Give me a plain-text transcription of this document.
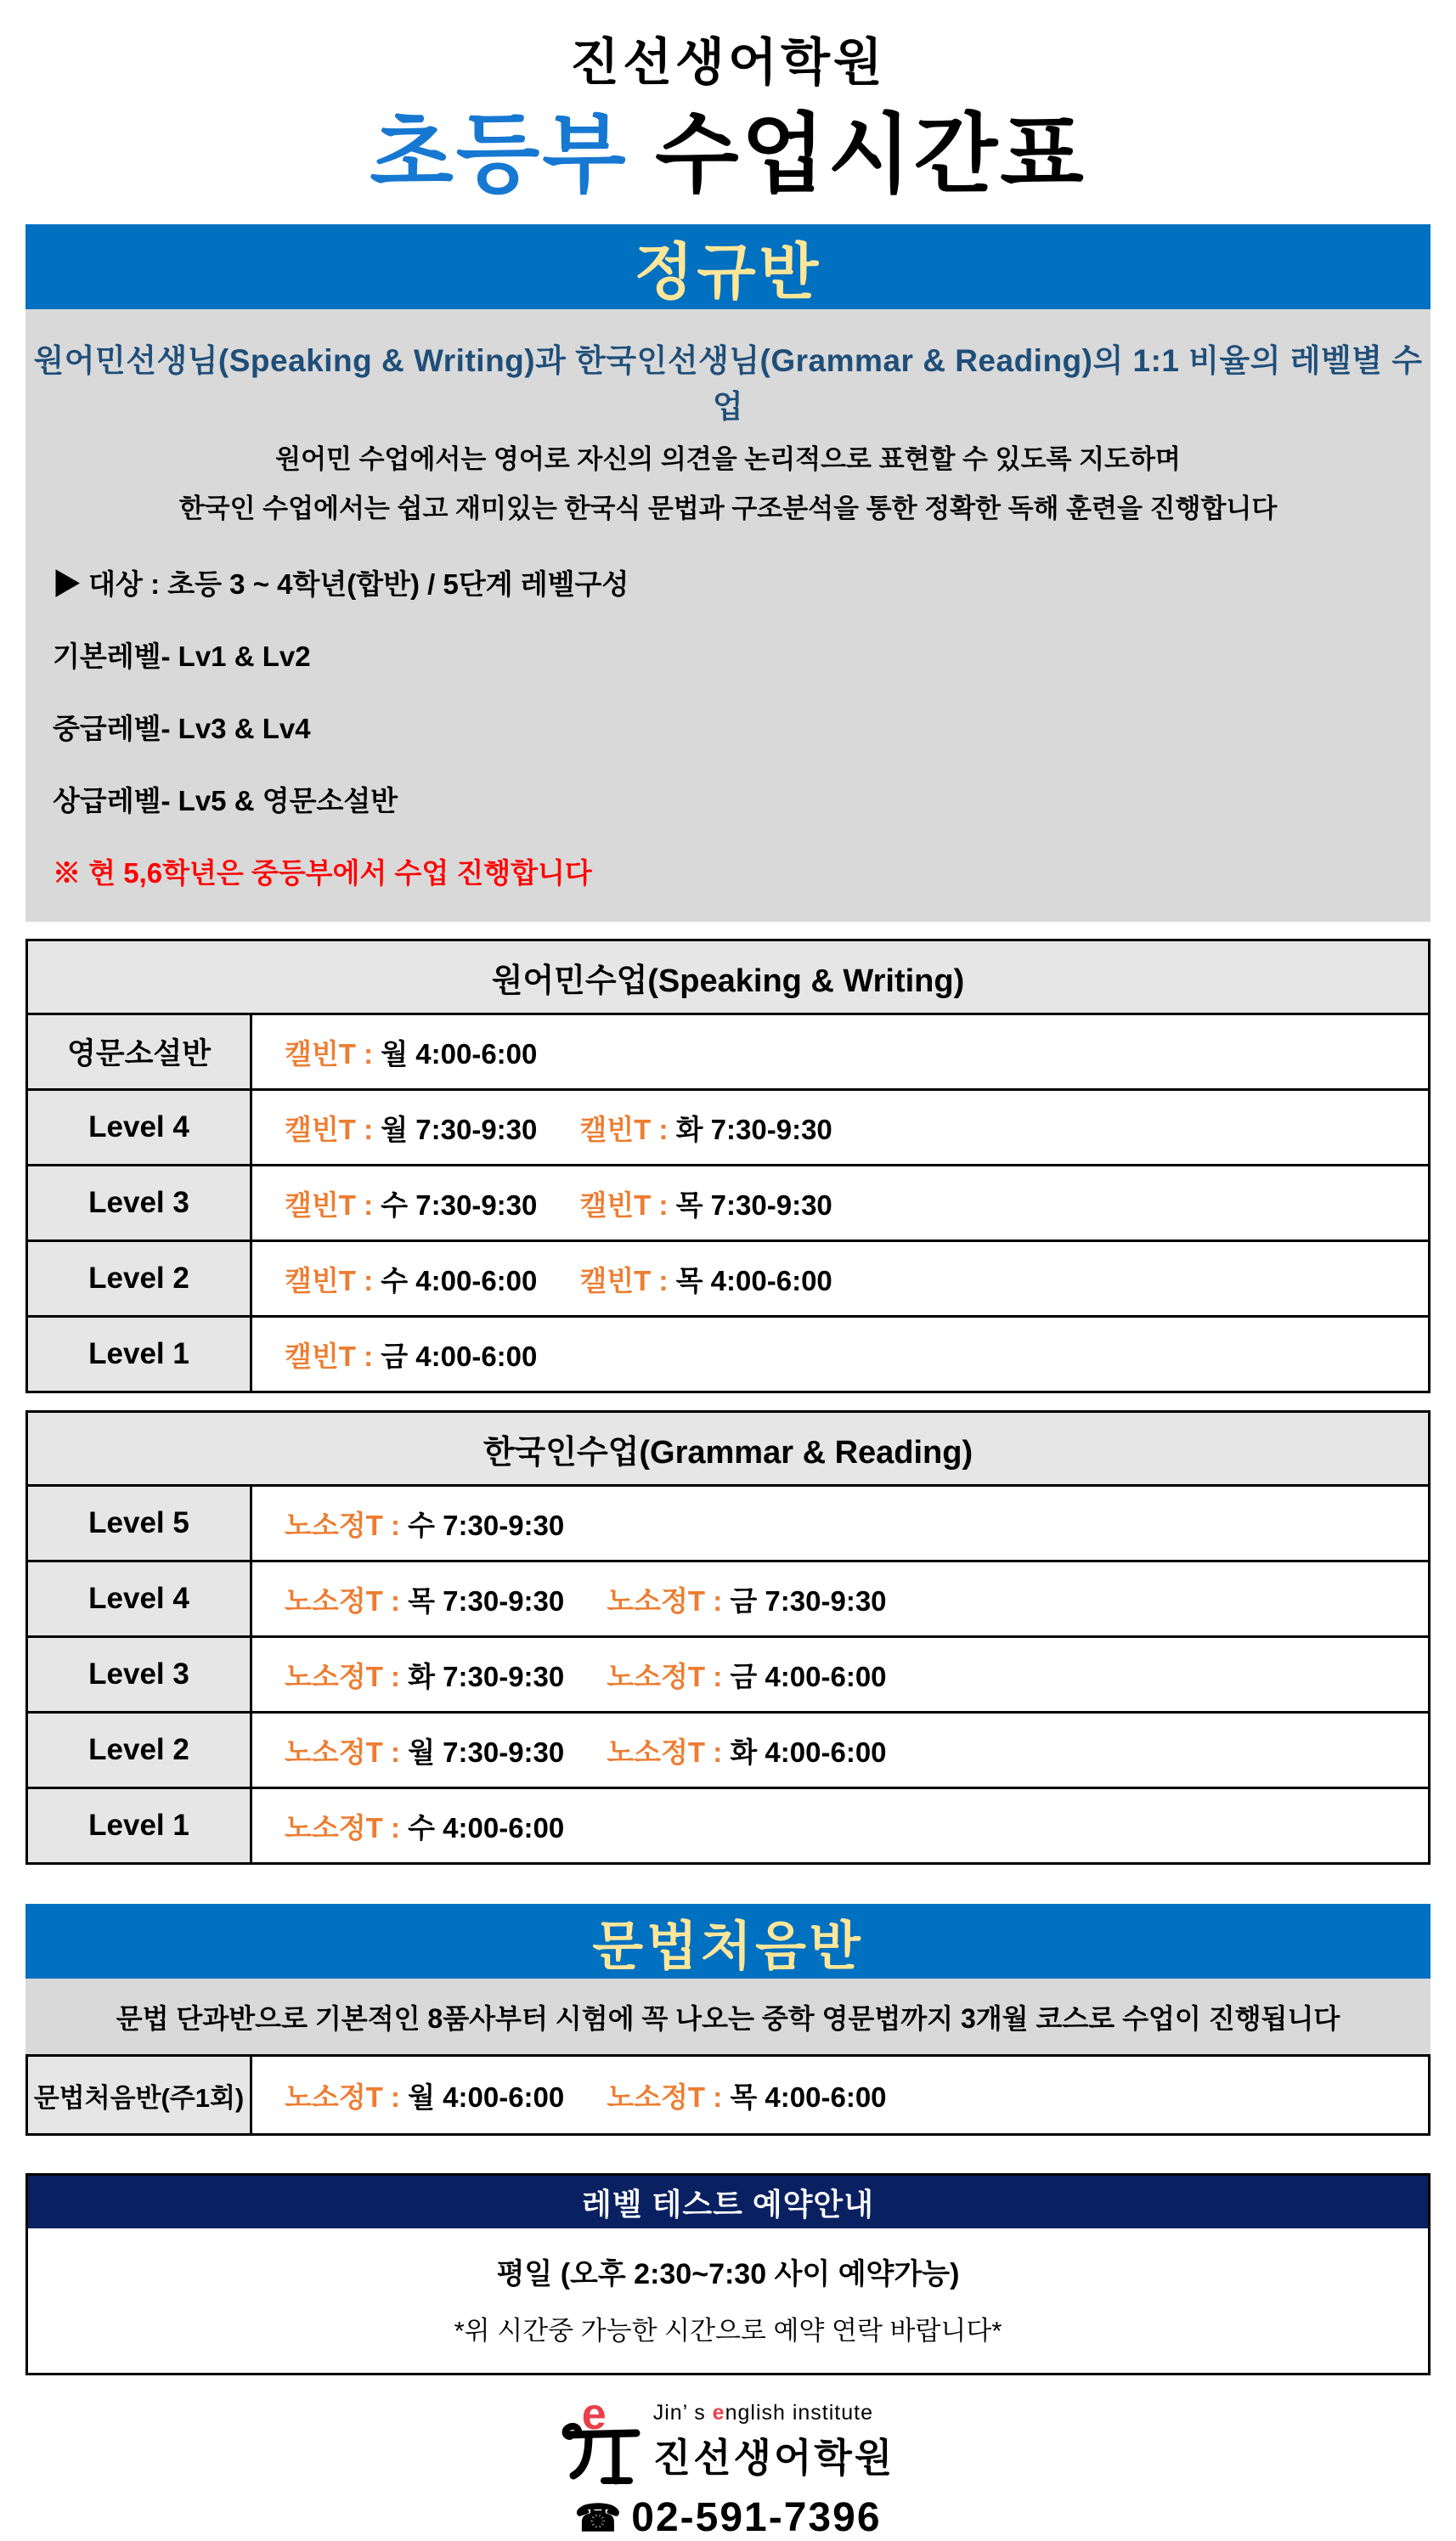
진선생어학원
초등부 수업시간표
정규반
원어민선생님(Speaking & Writing)과 한국인선생님(Grammar & Reading)의 1:1 비율의 레벨별 수업
원어민 수업에서는 영어로 자신의 의견을 논리적으로 표현할 수 있도록 지도하며
한국인 수업에서는 쉽고 재미있는 한국식 문법과 구조분석을 통한 정확한 독해 훈련을 진행합니다
▶ 대상 : 초등 3 ~ 4학년(합반) / 5단계 레벨구성
기본레벨- Lv1 & Lv2
중급레벨- Lv3 & Lv4
상급레벨- Lv5 & 영문소설반
※ 현 5,6학년은 중등부에서 수업 진행합니다
원어민수업(Speaking & Writing)
영문소설반	캘빈T : 월 4:00-6:00
Level 4	캘빈T : 월 7:30-9:30 캘빈T : 화 7:30-9:30
Level 3	캘빈T : 수 7:30-9:30 캘빈T : 목 7:30-9:30
Level 2	캘빈T : 수 4:00-6:00 캘빈T : 목 4:00-6:00
Level 1	캘빈T : 금 4:00-6:00
한국인수업(Grammar & Reading)
Level 5	노소정T : 수 7:30-9:30
Level 4	노소정T : 목 7:30-9:30 노소정T : 금 7:30-9:30
Level 3	노소정T : 화 7:30-9:30 노소정T : 금 4:00-6:00
Level 2	노소정T : 월 7:30-9:30 노소정T : 화 4:00-6:00
Level 1	노소정T : 수 4:00-6:00
문법처음반
문법 단과반으로 기본적인 8품사부터 시험에 꼭 나오는 중학 영문법까지 3개월 코스로 수업이 진행됩니다
문법처음반(주1회) 노소정T : 월 4:00-6:00 노소정T : 목 4:00-6:00
레벨 테스트 예약안내
평일 (오후 2:30~7:30 사이 예약가능)
*위 시간중 가능한 시간으로 예약 연락 바랍니다*
e Jin’ s english institute
진선생어학원
☎ 02-591-7396
